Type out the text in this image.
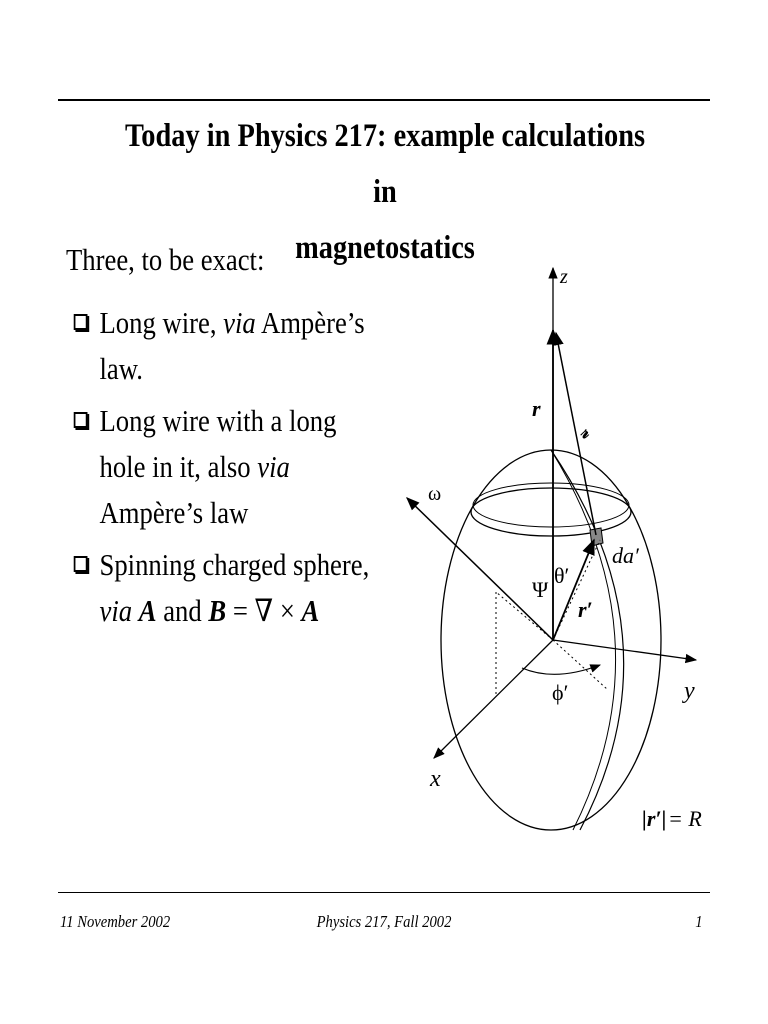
Today in Physics 217: example calculations in
magnetostatics
Three, to be exact:
Long wire, via Ampère’s law.
Long wire with a long hole in it, also via Ampère’s law
Spinning charged sphere, via A and B = ∇ × A
z
y
x
ω
r
𝓇
θ′
Ψ
r′
da′
ϕ′
|r′| = R
11 November 2002	Physics 217, Fall 2002	1
